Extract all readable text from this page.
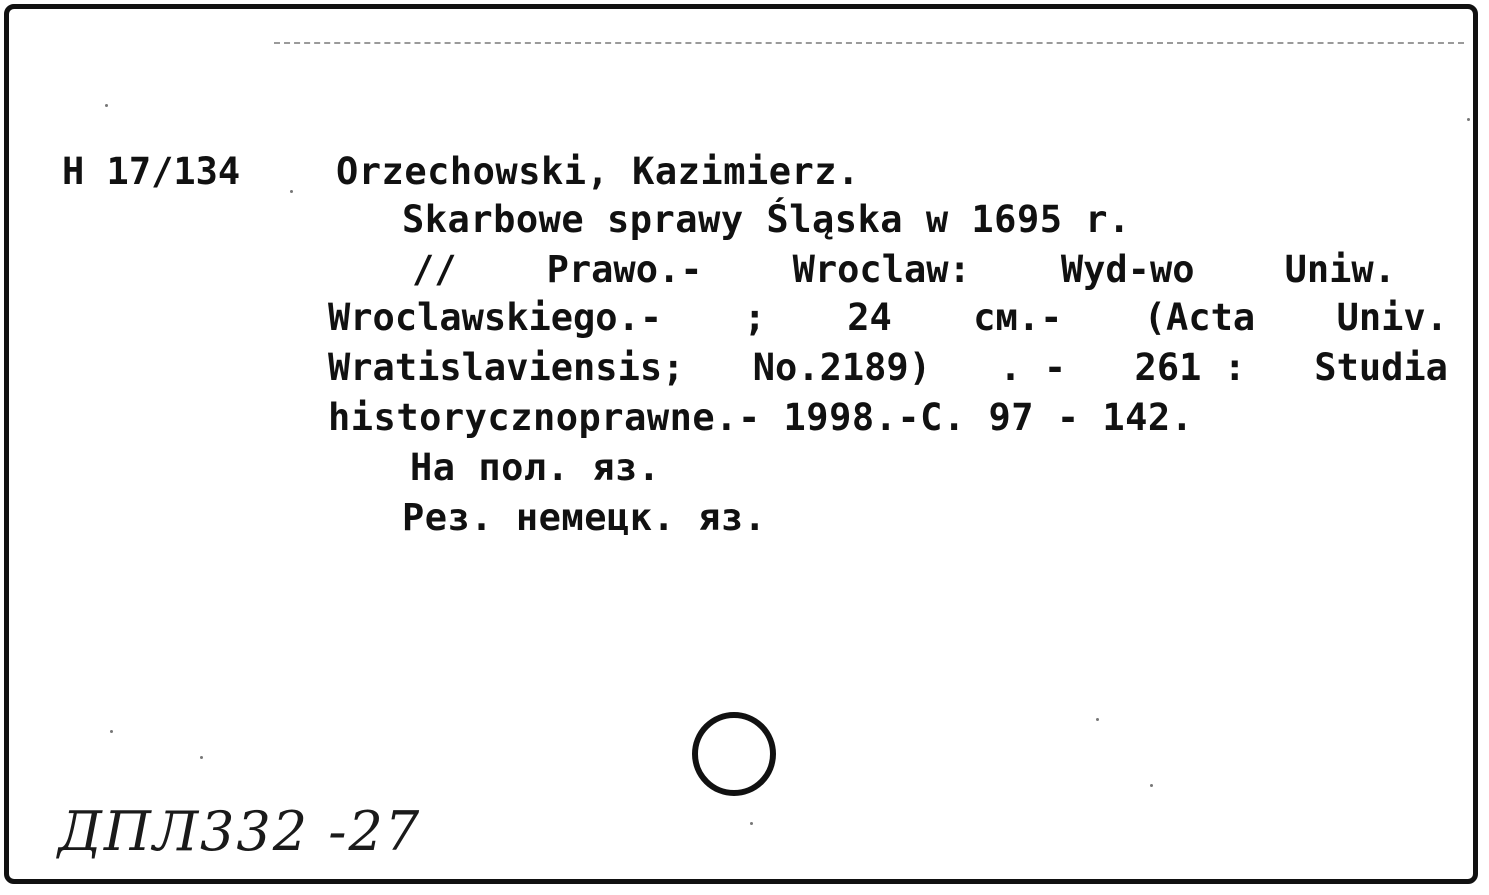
H 17/134	Orzechowski, Kazimierz.
Skarbowe sprawy Śląska w 1695 r.
// Prawo.- Wroclaw: Wyd-wo Uniw.
Wroclawskiego.- ; 24 см.- (Acta Univ.
Wratislaviensis; No.2189) . - 261 : Studia
historycznoprawne.- 1998.-C. 97 - 142.
На пол. яз.
Рез. немецк. яз.
ДПЛ332 -27
